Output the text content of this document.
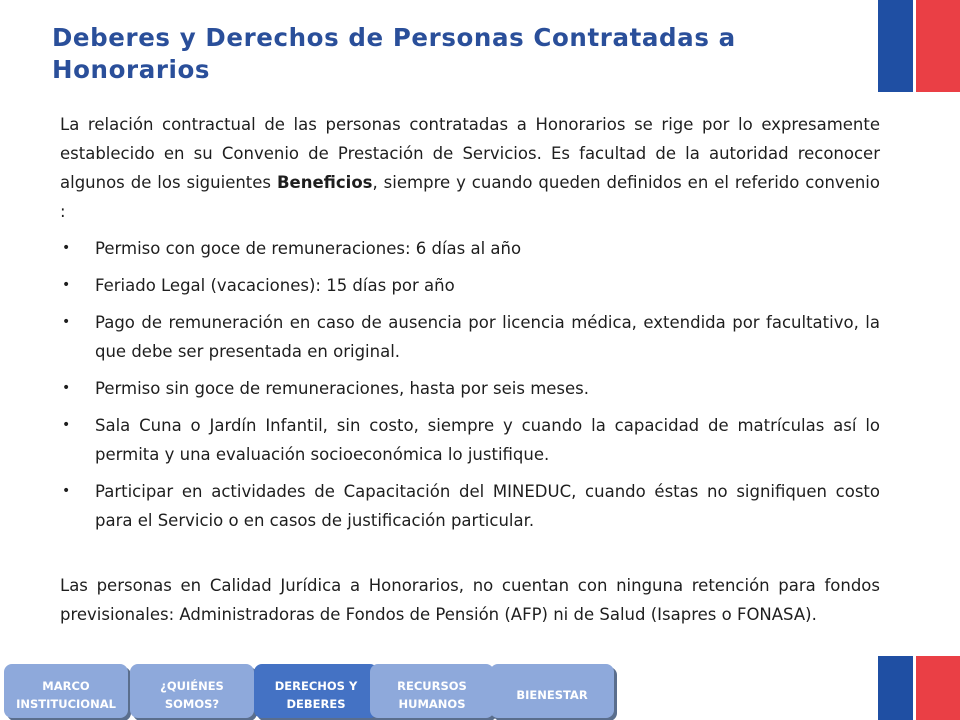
Deberes y Derechos de Personas Contratadas a Honorarios

La relación contractual de las personas contratadas a Honorarios se rige por lo expresamente establecido en su Convenio de Prestación de Servicios. Es facultad de la autoridad reconocer algunos de los siguientes Beneficios, siempre y cuando queden definidos en el referido convenio :

• Permiso con goce de remuneraciones: 6 días al año
• Feriado Legal (vacaciones): 15 días por año
• Pago de remuneración en caso de ausencia por licencia médica, extendida por facultativo, la que debe ser presentada en original.
• Permiso sin goce de remuneraciones, hasta por seis meses.
• Sala Cuna o Jardín Infantil, sin costo, siempre y cuando la capacidad de matrículas así lo permita y una evaluación socioeconómica lo justifique.
• Participar en actividades de Capacitación del MINEDUC, cuando éstas no signifiquen costo para el Servicio o en casos de justificación particular.

Las personas en Calidad Jurídica a Honorarios, no cuentan con ninguna retención para fondos previsionales: Administradoras de Fondos de Pensión (AFP) ni de Salud (Isapres o FONASA).

MARCO
INSTITUCIONAL
¿QUIÉNES
SOMOS?
DERECHOS Y
DEBERES
RECURSOS
HUMANOS
BIENESTAR
